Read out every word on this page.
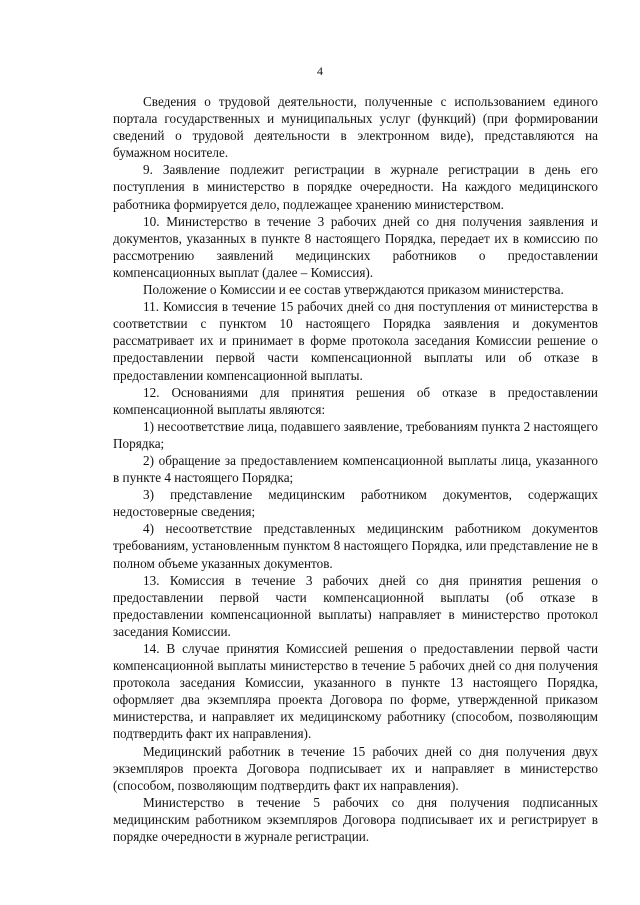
4

Сведения о трудовой деятельности, полученные с использованием единого портала государственных и муниципальных услуг (функций) (при формировании сведений о трудовой деятельности в электронном виде), представляются на бумажном носителе.

9. Заявление подлежит регистрации в журнале регистрации в день его поступления в министерство в порядке очередности. На каждого медицинского работника формируется дело, подлежащее хранению министерством.

10. Министерство в течение 3 рабочих дней со дня получения заявления и документов, указанных в пункте 8 настоящего Порядка, передает их в комиссию по рассмотрению заявлений медицинских работников о предоставлении компенсационных выплат (далее – Комиссия).

Положение о Комиссии и ее состав утверждаются приказом министерства.

11. Комиссия в течение 15 рабочих дней со дня поступления от министерства в соответствии с пунктом 10 настоящего Порядка заявления и документов рассматривает их и принимает в форме протокола заседания Комиссии решение о предоставлении первой части компенсационной выплаты или об отказе в предоставлении компенсационной выплаты.

12. Основаниями для принятия решения об отказе в предоставлении компенсационной выплаты являются:

1) несоответствие лица, подавшего заявление, требованиям пункта 2 настоящего Порядка;

2) обращение за предоставлением компенсационной выплаты лица, указанного в пункте 4 настоящего Порядка;

3) представление медицинским работником документов, содержащих недостоверные сведения;

4) несоответствие представленных медицинским работником документов требованиям, установленным пунктом 8 настоящего Порядка, или представление не в полном объеме указанных документов.

13. Комиссия в течение 3 рабочих дней со дня принятия решения о предоставлении первой части компенсационной выплаты (об отказе в предоставлении компенсационной выплаты) направляет в министерство протокол заседания Комиссии.

14. В случае принятия Комиссией решения о предоставлении первой части компенсационной выплаты министерство в течение 5 рабочих дней со дня получения протокола заседания Комиссии, указанного в пункте 13 настоящего Порядка, оформляет два экземпляра проекта Договора по форме, утвержденной приказом министерства, и направляет их медицинскому работнику (способом, позволяющим подтвердить факт их направления).

Медицинский работник в течение 15 рабочих дней со дня получения двух экземпляров проекта Договора подписывает их и направляет в министерство (способом, позволяющим подтвердить факт их направления).

Министерство в течение 5 рабочих со дня получения подписанных медицинским работником экземпляров Договора подписывает их и регистрирует в порядке очередности в журнале регистрации.
